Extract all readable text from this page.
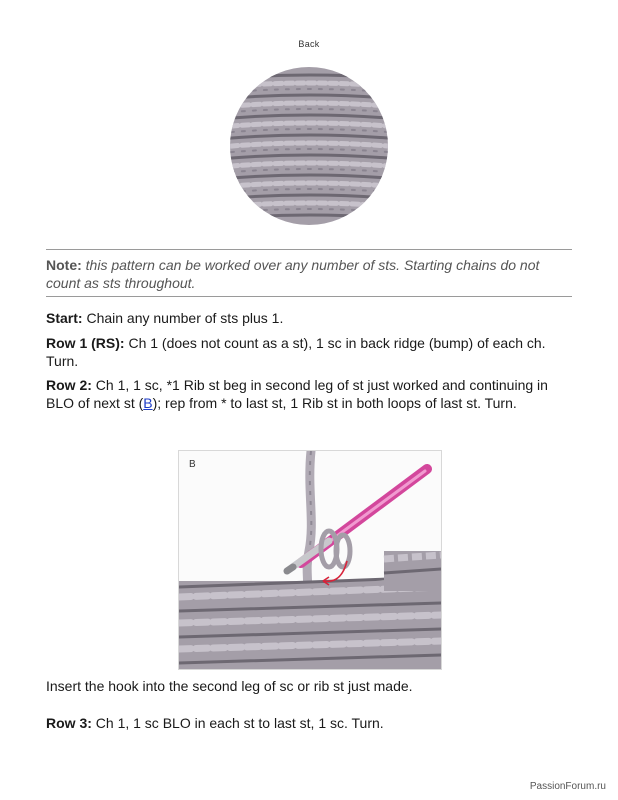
Back
Note: this pattern can be worked over any number of sts. Starting chains do not count as sts throughout.
Start: Chain any number of sts plus 1.
Row 1 (RS): Ch 1 (does not count as a st), 1 sc in back ridge (bump) of each ch. Turn.
Row 2: Ch 1, 1 sc, *1 Rib st beg in second leg of st just worked and continuing in BLO of next st (B); rep from * to last st, 1 Rib st in both loops of last st. Turn.
B
Insert the hook into the second leg of sc or rib st just made.
Row 3: Ch 1, 1 sc BLO in each st to last st, 1 sc. Turn.
PassionForum.ru
